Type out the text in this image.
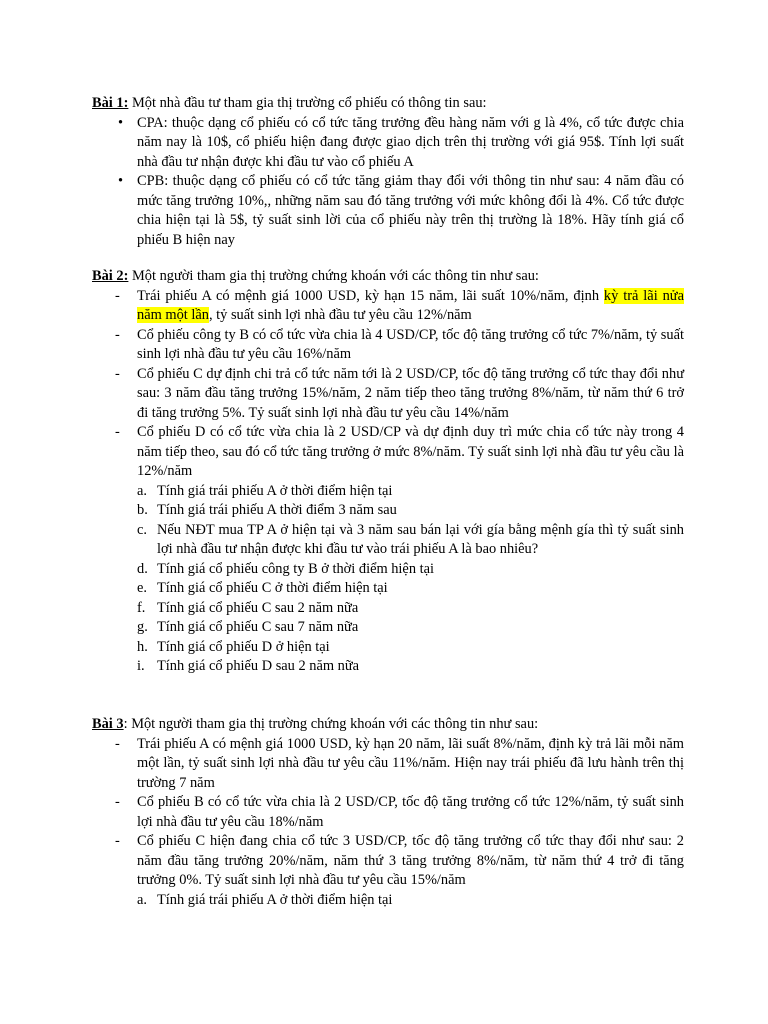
Bài 1: Một nhà đầu tư tham gia thị trường cổ phiếu có thông tin sau:

• CPA: thuộc dạng cổ phiếu có cổ tức tăng trưởng đều hàng năm với g là 4%, cổ tức được chia năm nay là 10$, cổ phiếu hiện đang được giao dịch trên thị trường với giá 95$. Tính lợi suất nhà đầu tư nhận được khi đầu tư vào cổ phiếu A
• CPB: thuộc dạng cổ phiếu có cổ tức tăng giảm thay đổi với thông tin như sau: 4 năm đầu có mức tăng trưởng 10%,, những năm sau đó tăng trưởng với mức không đổi là 4%. Cổ tức được chia hiện tại là 5$, tỷ suất sinh lời của cổ phiếu này trên thị trường là 18%. Hãy tính giá cổ phiếu B hiện nay

Bài 2: Một người tham gia thị trường chứng khoán với các thông tin như sau:

- Trái phiếu A có mệnh giá 1000 USD, kỳ hạn 15 năm, lãi suất 10%/năm, định kỳ trả lãi nửa năm một lần, tỷ suất sinh lợi nhà đầu tư yêu cầu 12%/năm
- Cổ phiếu công ty B có cổ tức vừa chia là 4 USD/CP, tốc độ tăng trưởng cổ tức 7%/năm, tỷ suất sinh lợi nhà đầu tư yêu cầu 16%/năm
- Cổ phiếu C dự định chi trả cổ tức năm tới là 2 USD/CP, tốc độ tăng trưởng cổ tức thay đổi như sau: 3 năm đầu tăng trưởng 15%/năm, 2 năm tiếp theo tăng trưởng 8%/năm, từ năm thứ 6 trở đi tăng trưởng 5%. Tỷ suất sinh lợi nhà đầu tư yêu cầu 14%/năm
- Cổ phiếu D có cổ tức vừa chia là 2 USD/CP và dự định duy trì mức chia cổ tức này trong 4 năm tiếp theo, sau đó cổ tức tăng trưởng ở mức 8%/năm. Tỷ suất sinh lợi nhà đầu tư yêu cầu là 12%/năm
a. Tính giá trái phiếu A ở thời điểm hiện tại
b. Tính giá trái phiếu A thời điểm 3 năm sau
c. Nếu NĐT mua TP A ở hiện tại và 3 năm sau bán lại với gía bằng mệnh gía thì tỷ suất sinh lợi nhà đầu tư nhận được khi đầu tư vào trái phiếu A là bao nhiêu?
d. Tính giá cổ phiếu công ty B ở thời điểm hiện tại
e. Tính giá cổ phiếu C ở thời điểm hiện tại
f. Tính giá cổ phiếu C sau 2 năm nữa
g. Tính giá cổ phiếu C sau 7 năm nữa
h. Tính giá cổ phiếu D ở hiện tại
i. Tính giá cổ phiếu D sau 2 năm nữa

Bài 3: Một người tham gia thị trường chứng khoán với các thông tin như sau:

- Trái phiếu A có mệnh giá 1000 USD, kỳ hạn 20 năm, lãi suất 8%/năm, định kỳ trả lãi mỗi năm một lần, tỷ suất sinh lợi nhà đầu tư yêu cầu 11%/năm. Hiện nay trái phiếu đã lưu hành trên thị trường 7 năm
- Cổ phiếu B có cổ tức vừa chia là 2 USD/CP, tốc độ tăng trưởng cổ tức 12%/năm, tỷ suất sinh lợi nhà đầu tư yêu cầu 18%/năm
- Cổ phiếu C hiện đang chia cổ tức 3 USD/CP, tốc độ tăng trưởng cổ tức thay đổi như sau: 2 năm đầu tăng trưởng 20%/năm, năm thứ 3 tăng trưởng 8%/năm, từ năm thứ 4 trở đi tăng trưởng 0%. Tỷ suất sinh lợi nhà đầu tư yêu cầu 15%/năm
a. Tính giá trái phiếu A ở thời điểm hiện tại
